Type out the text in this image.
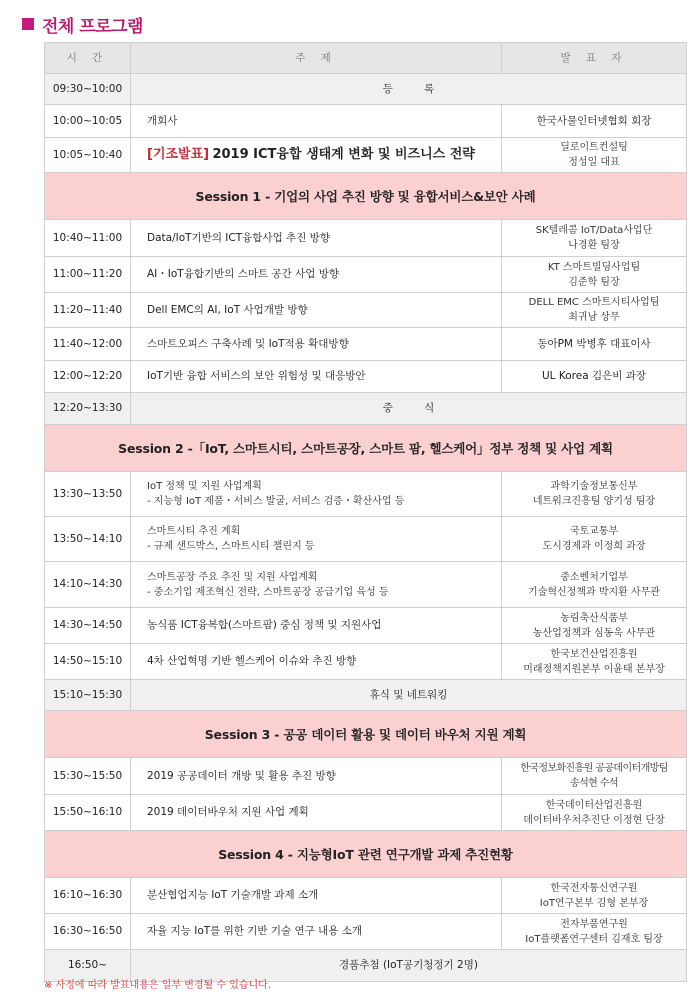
전체 프로그램
시 간	주 제	발 표 자
09:30~10:00	등 록	
10:00~10:05	개회사	한국사물인터넷협회 회장
10:05~10:40	[기조발표] 2019 ICT융합 생태계 변화 및 비즈니스 전략	딜로이트컨설팅
정성일 대표

Session 1 - 기업의 사업 추진 방향 및 융합서비스&보안 사례		
10:40~11:00	Data/IoT기반의 ICT융합사업 추진 방향	SK텔레콤 IoT/Data사업단
나경환 팀장

11:00~11:20	AI・IoT융합기반의 스마트 공간 사업 방향	KT 스마트빌딩사업팀
김준학 팀장

11:20~11:40	Dell EMC의 AI, IoT 사업개발 방향	DELL EMC 스마트시티사업팀
최귀남 상무

11:40~12:00	스마트오피스 구축사례 및 IoT적용 확대방향	동아PM 박병후 대표이사
12:00~12:20	IoT기반 융합 서비스의 보안 위험성 및 대응방안	UL Korea 김은비 과장
12:20~13:30	중 식	
Session 2 -「IoT, 스마트시티, 스마트공장, 스마트 팜, 헬스케어」정부 정책 및 사업 계획		
13:30~13:50	IoT 정책 및 지원 사업계획
- 지능형 IoT 제품・서비스 발굴, 서비스 검증・확산사업 등	과학기술정보통신부
네트워크진흥팀 양기성 팀장

13:50~14:10	스마트시티 추진 계획
- 규제 샌드박스, 스마트시티 챌린지 등	국토교통부
도시경제과 이정희 과장

14:10~14:30	스마트공장 주요 추진 및 지원 사업계획
- 중소기업 제조혁신 전략, 스마트공장 공급기업 육성 등	중소벤처기업부
기술혁신정책과 박지환 사무관

14:30~14:50	농식품 ICT융복합(스마트팜) 중심 정책 및 지원사업	농림축산식품부
농산업정책과 심동욱 사무관

14:50~15:10	4차 산업혁명 기반 헬스케어 이슈와 추진 방향	한국보건산업진흥원
미래정책지원본부 이윤태 본부장

15:10~15:30	휴식 및 네트워킹	
Session 3 - 공공 데이터 활용 및 데이터 바우처 지원 계획		
15:30~15:50	2019 공공데이터 개방 및 활용 추진 방향	한국정보화진흥원 공공데이터개방팀
송석현 수석

15:50~16:10	2019 데이터바우처 지원 사업 계획	한국데이터산업진흥원
데이터바우처추진단 이정현 단장

Session 4 - 지능형IoT 관련 연구개발 과제 추진현황		
16:10~16:30	분산협업지능 IoT 기술개발 과제 소개	한국전자통신연구원
IoT연구본부 김형 본부장

16:30~16:50	자율 지능 IoT를 위한 기반 기술 연구 내용 소개	전자부품연구원
IoT플랫폼연구센터 김재호 팀장

16:50~	경품추첨 (IoT공기청정기 2명)	
※ 사정에 따라 발표내용은 일부 변경될 수 있습니다.
